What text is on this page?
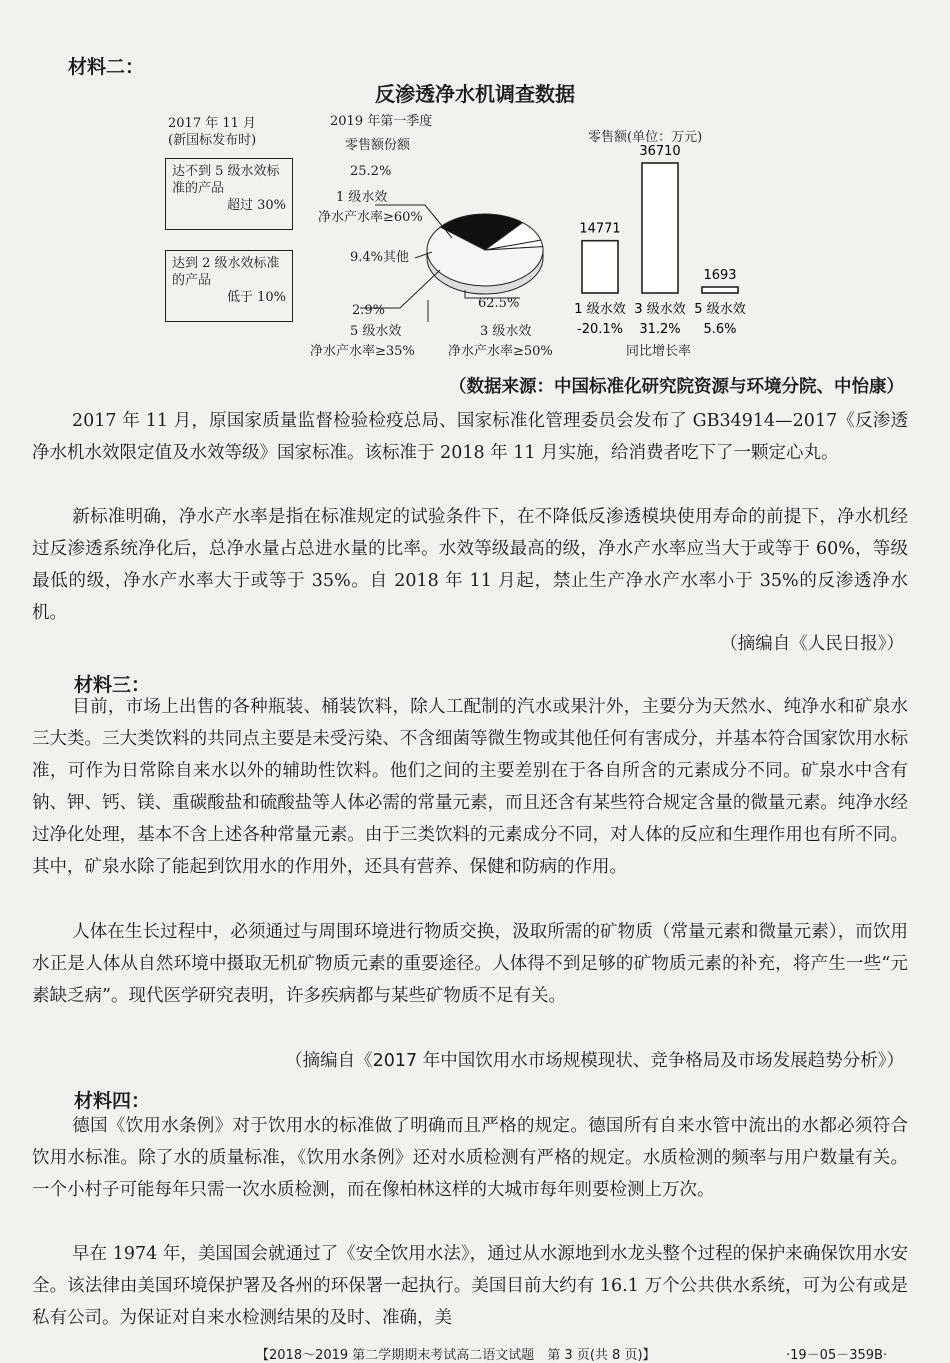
材料二：
反渗透净水机调查数据
2017 年 11 月
(新国标发布时)
达不到 5 级水效标准的产品
超过 30%
达到 2 级水效标准的产品
低于 10%
2019 年第一季度
零售额份额
25.2%
1 级水效
净水产水率≥60%
9.4%其他
2.9%
5 级水效
净水产水率≥35%
62.5%
3 级水效
净水产水率≥50%
零售额(单位：万元)
14771
1 级水效
-20.1%
36710
3 级水效
31.2%
1693
5 级水效
5.6%
同比增长率
（数据来源：中国标准化研究院资源与环境分院、中怡康）
2017 年 11 月，原国家质量监督检验检疫总局、国家标准化管理委员会发布了 GB34914—2017《反渗透净水机水效限定值及水效等级》国家标准。该标准于 2018 年 11 月实施，给消费者吃下了一颗定心丸。
新标准明确，净水产水率是指在标准规定的试验条件下，在不降低反渗透模块使用寿命的前提下，净水机经过反渗透系统净化后，总净水量占总进水量的比率。水效等级最高的级，净水产水率应当大于或等于 60%，等级最低的级，净水产水率大于或等于 35%。自 2018 年 11 月起，禁止生产净水产水率小于 35%的反渗透净水机。
（摘编自《人民日报》）
材料三：
目前，市场上出售的各种瓶装、桶装饮料，除人工配制的汽水或果汁外，主要分为天然水、纯净水和矿泉水三大类。三大类饮料的共同点主要是未受污染、不含细菌等微生物或其他任何有害成分，并基本符合国家饮用水标准，可作为日常除自来水以外的辅助性饮料。他们之间的主要差别在于各自所含的元素成分不同。矿泉水中含有钠、钾、钙、镁、重碳酸盐和硫酸盐等人体必需的常量元素，而且还含有某些符合规定含量的微量元素。纯净水经过净化处理，基本不含上述各种常量元素。由于三类饮料的元素成分不同，对人体的反应和生理作用也有所不同。其中，矿泉水除了能起到饮用水的作用外，还具有营养、保健和防病的作用。
人体在生长过程中，必须通过与周围环境进行物质交换，汲取所需的矿物质（常量元素和微量元素），而饮用水正是人体从自然环境中摄取无机矿物质元素的重要途径。人体得不到足够的矿物质元素的补充，将产生一些“元素缺乏病”。现代医学研究表明，许多疾病都与某些矿物质不足有关。
（摘编自《2017 年中国饮用水市场规模现状、竞争格局及市场发展趋势分析》）
材料四：
德国《饮用水条例》对于饮用水的标准做了明确而且严格的规定。德国所有自来水管中流出的水都必须符合饮用水标准。除了水的质量标准，《饮用水条例》还对水质检测有严格的规定。水质检测的频率与用户数量有关。一个小村子可能每年只需一次水质检测，而在像柏林这样的大城市每年则要检测上万次。
早在 1974 年，美国国会就通过了《安全饮用水法》，通过从水源地到水龙头整个过程的保护来确保饮用水安全。该法律由美国环境保护署及各州的环保署一起执行。美国目前大约有 16.1 万个公共供水系统，可为公有或是私有公司。为保证对自来水检测结果的及时、准确，美
【2018～2019 第二学期期末考试高二语文试题　第 3 页(共 8 页)】	·19－05－359B·
